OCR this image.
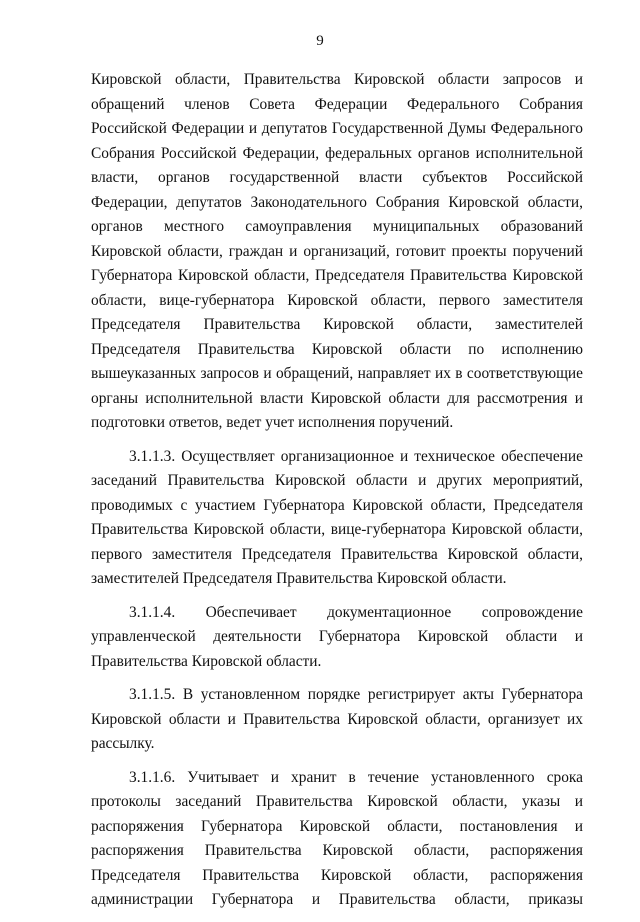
9

Кировской области, Правительства Кировской области запросов и обращений членов Совета Федерации Федерального Собрания Российской Федерации и депутатов Государственной Думы Федерального Собрания Российской Федерации, федеральных органов исполнительной власти, органов государственной власти субъектов Российской Федерации, депутатов Законодательного Собрания Кировской области, органов местного самоуправления муниципальных образований Кировской области, граждан и организаций, готовит проекты поручений Губернатора Кировской области, Председателя Правительства Кировской области, вице-губернатора Кировской области, первого заместителя Председателя Правительства Кировской области, заместителей Председателя Правительства Кировской области по исполнению вышеуказанных запросов и обращений, направляет их в соответствующие органы исполнительной власти Кировской области для рассмотрения и подготовки ответов, ведет учет исполнения поручений.

3.1.1.3. Осуществляет организационное и техническое обеспечение заседаний Правительства Кировской области и других мероприятий, проводимых с участием Губернатора Кировской области, Председателя Правительства Кировской области, вице-губернатора Кировской области, первого заместителя Председателя Правительства Кировской области, заместителей Председателя Правительства Кировской области.

3.1.1.4. Обеспечивает документационное сопровождение управленческой деятельности Губернатора Кировской области и Правительства Кировской области.

3.1.1.5. В установленном порядке регистрирует акты Губернатора Кировской области и Правительства Кировской области, организует их рассылку.

3.1.1.6. Учитывает и хранит в течение установленного срока протоколы заседаний Правительства Кировской области, указы и распоряжения Губернатора Кировской области, постановления и распоряжения Правительства Кировской области, распоряжения Председателя Правительства Кировской области, распоряжения администрации Губернатора и Правительства области, приказы
